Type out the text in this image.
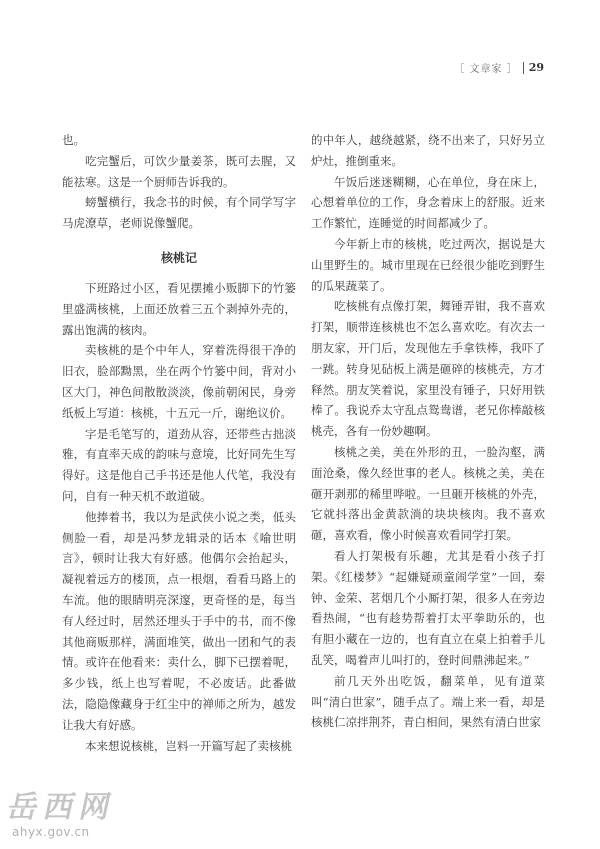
［ 文章家 ］ 29

也。

吃完蟹后，可饮少量姜茶，既可去腥，又能祛寒。这是一个厨师告诉我的。

螃蟹横行，我念书的时候，有个同学写字马虎潦草，老师说像蟹爬。

核桃记

下班路过小区，看见摆摊小贩脚下的竹篓里盛满核桃，上面还放着三五个剥掉外壳的，露出饱满的核肉。

卖核桃的是个中年人，穿着洗得很干净的旧衣，脸部黝黑，坐在两个竹篓中间，背对小区大门，神色间散散淡淡，像前朝闲民，身旁纸板上写道：核桃，十五元一斤，谢绝议价。

字是毛笔写的，道劲从容，还带些古拙淡雅，有直率天成的韵味与意境，比好同先生写得好。这是他自己手书还是他人代笔，我没有问，自有一种天机不敢道破。

他捧着书，我以为是武侠小说之类，低头侧脸一看，却是冯梦龙辑录的话本《喻世明言》，顿时让我大有好感。他偶尔会抬起头，凝视着远方的楼顶，点一根烟，看看马路上的车流。他的眼睛明亮深邃，更奇怪的是，每当有人经过时，居然还埋头于手中的书，而不像其他商贩那样，满面堆笑，做出一团和气的表情。或许在他看来：卖什么，脚下已摆着呢，多少钱，纸上也写着呢，不必废话。此番做法，隐隐像藏身于红尘中的禅师之所为，越发让我大有好感。

本来想说核桃，岂料一开篇写起了卖核桃

的中年人，越绕越紧，绕不出来了，只好另立炉灶，推倒重来。

午饭后迷迷糊糊，心在单位，身在床上，心想着单位的工作，身念着床上的舒服。近来工作繁忙，连睡觉的时间都减少了。

今年新上市的核桃，吃过两次，据说是大山里野生的。城市里现在已经很少能吃到野生的瓜果蔬菜了。

吃核桃有点像打架，舞锤弄钳，我不喜欢打架，顺带连核桃也不怎么喜欢吃。有次去一朋友家，开门后，发现他左手拿铁棒，我吓了一跳。转身见砧板上满是砸碎的核桃壳，方才释然。朋友笑着说，家里没有锤子，只好用铁棒了。我说乔太守乱点鸳鸯谱，老兄你棒敲核桃壳，各有一份妙趣啊。

核桃之美，美在外形的丑，一脸沟壑，满面沧桑，像久经世事的老人。核桃之美，美在砸开剥那的稀里哗啦。一旦砸开核桃的外壳，它就抖落出金黄款淌的块块核肉。我不喜欢砸，喜欢看，像小时候喜欢看同学打架。

看人打架极有乐趣，尤其是看小孩子打架。《红楼梦》“起嫌疑顽童闹学堂”一回，秦钟、金荣、茗烟几个小厮打架，很多人在旁边看热闹，“也有趁势帮着打太平拳助乐的，也有胆小藏在一边的，也有直立在桌上拍着手儿乱笑，喝着声儿叫打的，登时间鼎沸起来。”

前几天外出吃饭，翻菜单，见有道菜叫“清白世家”，随手点了。端上来一看，却是核桃仁凉拌荆芥，青白相间，果然有清白世家

岳西网
ahyx.gov.cn
